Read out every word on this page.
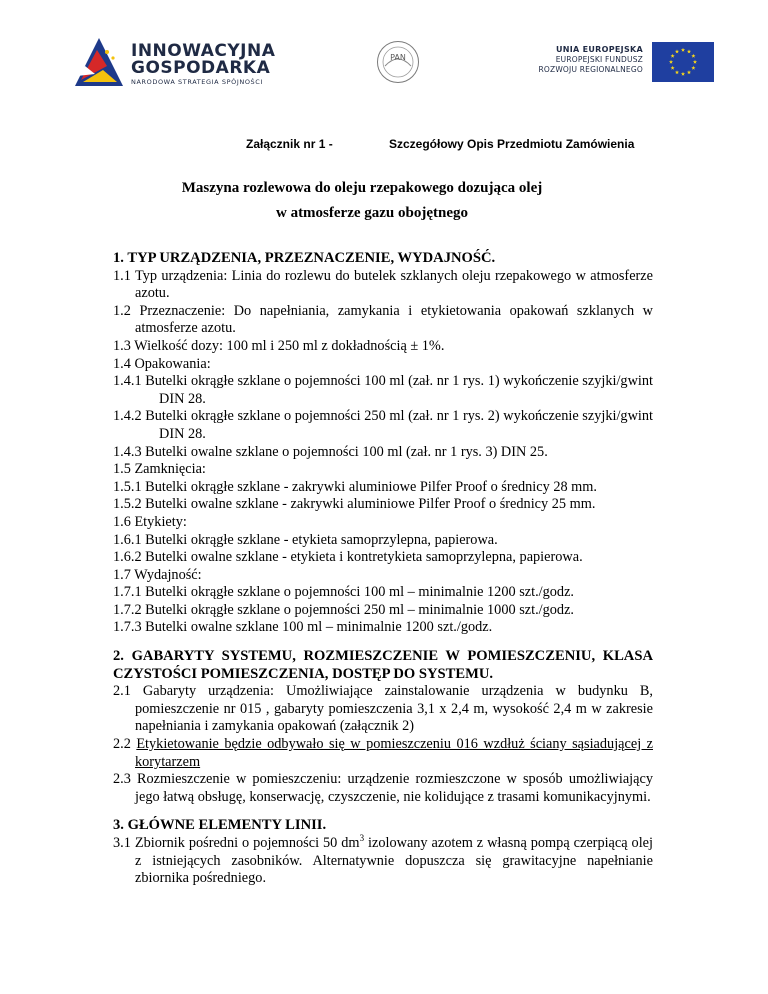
INNOWACYJNA
GOSPODARKA
NARODOWA STRATEGIA SPÓJNOŚCI
PAN
UNIA EUROPEJSKA
EUROPEJSKI FUNDUSZ
ROZWOJU REGIONALNEGO
Załącznik nr 1 -	Szczegółowy Opis Przedmiotu Zamówienia
Maszyna rozlewowa do oleju rzepakowego dozująca olej
w atmosferze gazu obojętnego
1. TYP URZĄDZENIA, PRZEZNACZENIE, WYDAJNOŚĆ.
1.1 Typ urządzenia: Linia do rozlewu do butelek szklanych oleju rzepakowego w atmosferze azotu.
1.2 Przeznaczenie: Do napełniania, zamykania i etykietowania opakowań szklanych w atmosferze azotu.
1.3 Wielkość dozy: 100 ml i 250 ml z dokładnością ± 1%.
1.4 Opakowania:
1.4.1 Butelki okrągłe szklane o pojemności 100 ml (zał. nr 1 rys. 1) wykończenie szyjki/gwint DIN 28.
1.4.2 Butelki okrągłe szklane o pojemności 250 ml (zał. nr 1 rys. 2) wykończenie szyjki/gwint DIN 28.
1.4.3 Butelki owalne szklane o pojemności 100 ml (zał. nr 1 rys. 3) DIN 25.
1.5 Zamknięcia:
1.5.1 Butelki okrągłe szklane - zakrywki aluminiowe Pilfer Proof o średnicy 28 mm.
1.5.2 Butelki owalne szklane - zakrywki aluminiowe Pilfer Proof o średnicy 25 mm.
1.6 Etykiety:
1.6.1 Butelki okrągłe szklane - etykieta samoprzylepna, papierowa.
1.6.2 Butelki owalne szklane - etykieta i kontretykieta samoprzylepna, papierowa.
1.7 Wydajność:
1.7.1 Butelki okrągłe szklane o pojemności 100 ml – minimalnie 1200 szt./godz.
1.7.2 Butelki okrągłe szklane o pojemności 250 ml – minimalnie 1000 szt./godz.
1.7.3 Butelki owalne szklane 100 ml – minimalnie 1200 szt./godz.
2. GABARYTY SYSTEMU, ROZMIESZCZENIE W POMIESZCZENIU, KLASA CZYSTOŚCI POMIESZCZENIA, DOSTĘP DO SYSTEMU.
2.1 Gabaryty urządzenia: Umożliwiające zainstalowanie urządzenia w budynku B, pomieszczenie nr 015 , gabaryty pomieszczenia 3,1 x 2,4 m, wysokość 2,4 m w zakresie napełniania i zamykania opakowań (załącznik 2)
2.2 Etykietowanie będzie odbywało się w pomieszczeniu 016 wzdłuż ściany sąsiadującej z korytarzem
2.3 Rozmieszczenie w pomieszczeniu: urządzenie rozmieszczone w sposób umożliwiający jego łatwą obsługę, konserwację, czyszczenie, nie kolidujące z trasami komunikacyjnymi.
3. GŁÓWNE ELEMENTY LINII.
3.1 Zbiornik pośredni o pojemności 50 $dm^3$ izolowany azotem z własną pompą czerpiącą olej z istniejących zasobników. Alternatywnie dopuszcza się grawitacyjne napełnianie zbiornika pośredniego.
